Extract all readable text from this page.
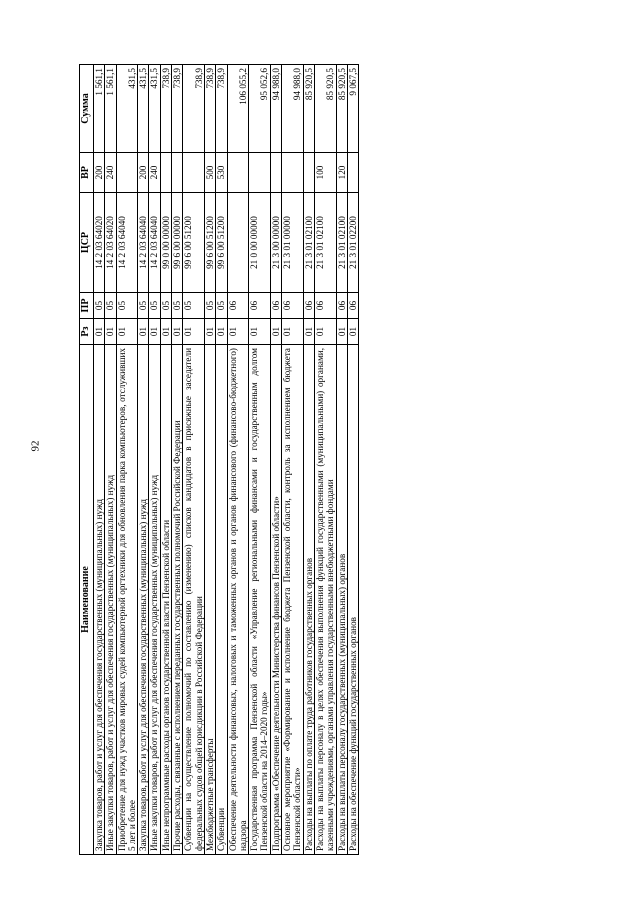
92
Наименование	Рз	ПР	ЦСР	ВР	Сумма
Закупка товаров, работ и услуг для обеспечения государственных (муниципальных) нужд	01	05	14 2 03 64020	200	1 561,1
Иные закупки товаров, работ и услуг для обеспечения государственных (муниципальных) нужд	01	05	14 2 03 64020	240	1 561,1
Приобретение для нужд участков мировых судей компьютерной оргтехники для обновления парка компьютеров, отслуживших 5 лет и более	01	05	14 2 03 64040		431,5
Закупка товаров, работ и услуг для обеспечения государственных (муниципальных) нужд	01	05	14 2 03 64040	200	431,5
Иные закупки товаров, работ и услуг для обеспечения государственных (муниципальных) нужд	01	05	14 2 03 64040	240	431,5
Иные непрограммные расходы органов государственной власти Пензенской области	01	05	99 0 00 00000		738,9
Прочие расходы, связанные с исполнением переданных государственных полномочий Российской Федерации	01	05	99 6 00 00000		738,9
Субвенции на осуществление полномочий по составлению (изменению) списков кандидатов в присяжные заседатели федеральных судов общей юрисдикции в Российской Федерации	01	05	99 6 00 51200		738,9
Межбюджетные трансферты	01	05	99 6 00 51200	500	738,9
Субвенции	01	05	99 6 00 51200	530	738,9
Обеспечение деятельности финансовых, налоговых и таможенных органов и органов финансового (финансово-бюджетного) надзора	01	06			106 055,2
Государственная программа Пензенской области «Управление региональными финансами и государственным долгом Пензенской области на 2014–2020 годы»	01	06	21 0 00 00000		95 052,6
Подпрограмма «Обеспечение деятельности Министерства финансов Пензенской области»	01	06	21 3 00 00000		94 988,0
Основное мероприятие «Формирование и исполнение бюджета Пензенской области, контроль за исполнением бюджета Пензенской области»	01	06	21 3 01 00000		94 988,0
Расходы на выплаты по оплате труда работников государственных органов	01	06	21 3 01 02100		85 920,5
Расходы на выплаты персоналу в целях обеспечения выполнения функций государственными (муниципальными) органами, казенными учреждениями, органами управления государственными внебюджетными фондами	01	06	21 3 01 02100	100	85 920,5
Расходы на выплаты персоналу государственных (муниципальных) органов	01	06	21 3 01 02100	120	85 920,5
Расходы на обеспечение функций государственных органов	01	06	21 3 01 02200		9 067,5
